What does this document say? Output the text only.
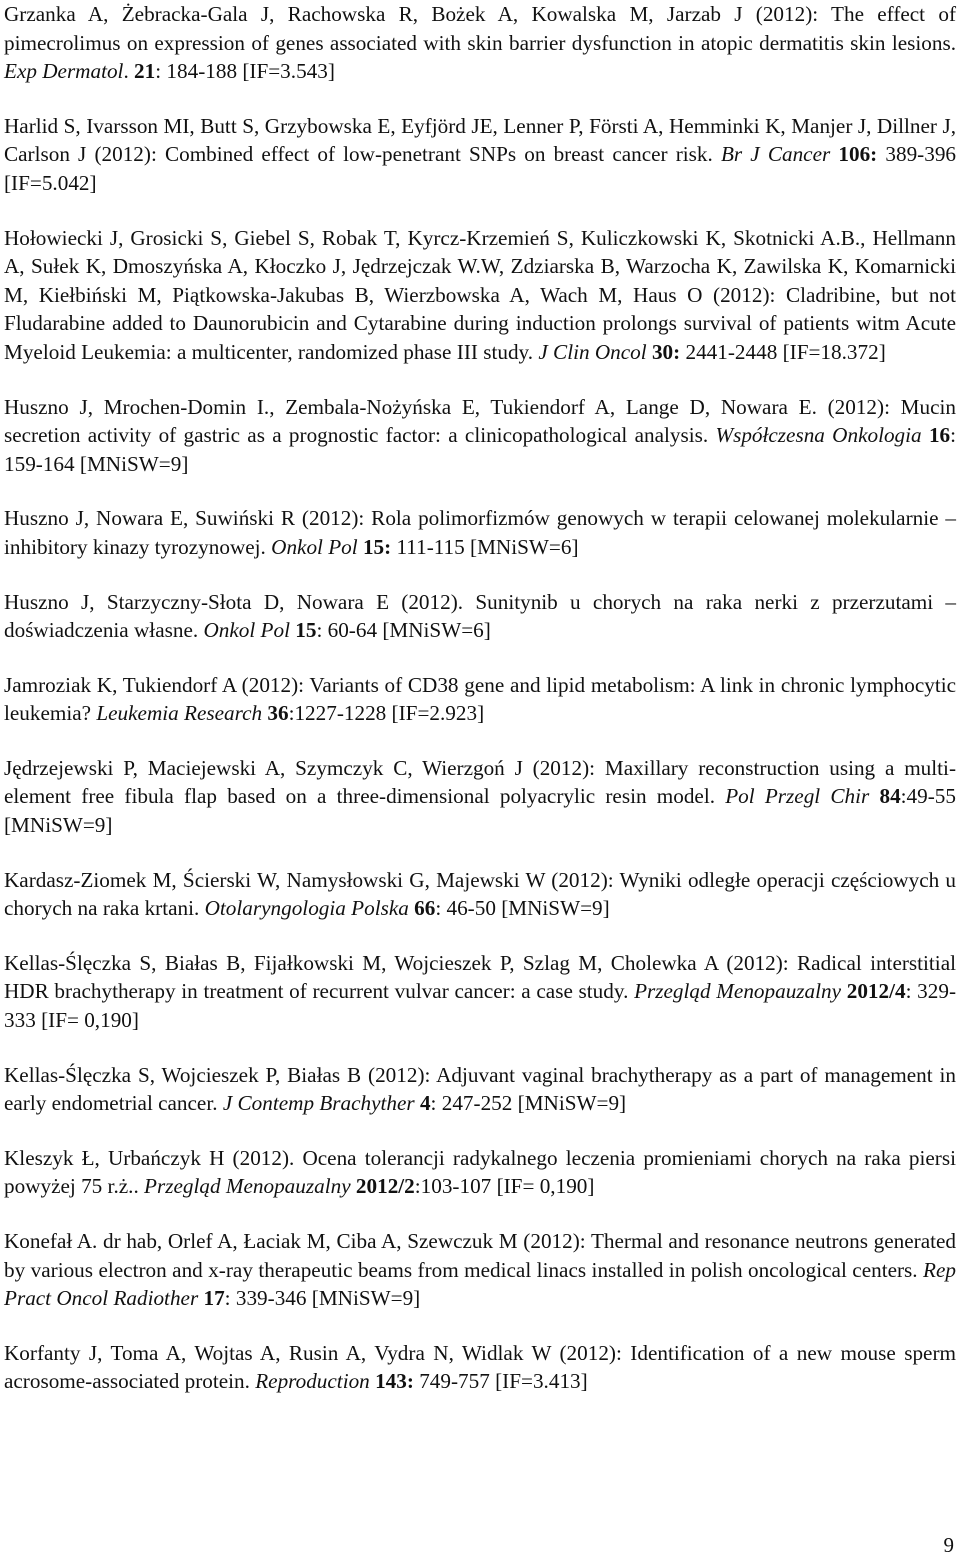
Grzanka A, Żebracka-Gala J, Rachowska R, Bożek A, Kowalska M, Jarzab J (2012): The effect of pimecrolimus on expression of genes associated with skin barrier dysfunction in atopic dermatitis skin lesions. Exp Dermatol. 21: 184-188 [IF=3.543]

Harlid S, Ivarsson MI, Butt S, Grzybowska E, Eyfjörd JE, Lenner P, Försti A, Hemminki K, Manjer J, Dillner J, Carlson J (2012): Combined effect of low-penetrant SNPs on breast cancer risk. Br J Cancer 106: 389-396 [IF=5.042]

Hołowiecki J, Grosicki S, Giebel S, Robak T, Kyrcz-Krzemień S, Kuliczkowski K, Skotnicki A.B., Hellmann A, Sułek K, Dmoszyńska A, Kłoczko J, Jędrzejczak W.W, Zdziarska B, Warzocha K, Zawilska K, Komarnicki M, Kiełbiński M, Piątkowska-Jakubas B, Wierzbowska A, Wach M, Haus O (2012): Cladribine, but not Fludarabine added to Daunorubicin and Cytarabine during induction prolongs survival of patients witm Acute Myeloid Leukemia: a multicenter, randomized phase III study. J Clin Oncol 30: 2441-2448 [IF=18.372]

Huszno J, Mrochen-Domin I., Zembala-Nożyńska E, Tukiendorf A, Lange D, Nowara E. (2012): Mucin secretion activity of gastric as a prognostic factor: a clinicopathological analysis. Współczesna Onkologia 16: 159-164 [MNiSW=9]

Huszno J, Nowara E, Suwiński R (2012): Rola polimorfizmów genowych w terapii celowanej molekularnie – inhibitory kinazy tyrozynowej. Onkol Pol 15: 111-115 [MNiSW=6]

Huszno J, Starzyczny-Słota D, Nowara E (2012). Sunitynib u chorych na raka nerki z przerzutami – doświadczenia własne. Onkol Pol 15: 60-64 [MNiSW=6]

Jamroziak K, Tukiendorf A (2012): Variants of CD38 gene and lipid metabolism: A link in chronic lymphocytic leukemia? Leukemia Research 36:1227-1228 [IF=2.923]

Jędrzejewski P, Maciejewski A, Szymczyk C, Wierzgoń J (2012): Maxillary reconstruction using a multi-element free fibula flap based on a three-dimensional polyacrylic resin model. Pol Przegl Chir 84:49-55 [MNiSW=9]

Kardasz-Ziomek M, Ścierski W, Namysłowski G, Majewski W (2012): Wyniki odległe operacji częściowych u chorych na raka krtani. Otolaryngologia Polska 66: 46-50 [MNiSW=9]

Kellas-Ślęczka S, Białas B, Fijałkowski M, Wojcieszek P, Szlag M, Cholewka A (2012): Radical interstitial HDR brachytherapy in treatment of recurrent vulvar cancer: a case study. Przegląd Menopauzalny 2012/4: 329-333 [IF= 0,190]

Kellas-Ślęczka S, Wojcieszek P, Białas B (2012): Adjuvant vaginal brachytherapy as a part of management in early endometrial cancer. J Contemp Brachyther 4: 247-252 [MNiSW=9]

Kleszyk Ł, Urbańczyk H (2012). Ocena tolerancji radykalnego leczenia promieniami chorych na raka piersi powyżej 75 r.ż.. Przegląd Menopauzalny 2012/2:103-107 [IF= 0,190]

Konefał A. dr hab, Orlef A, Łaciak M, Ciba A, Szewczuk M (2012): Thermal and resonance neutrons generated by various electron and x-ray therapeutic beams from medical linacs installed in polish oncological centers. Rep Pract Oncol Radiother 17: 339-346 [MNiSW=9]

Korfanty J, Toma A, Wojtas A, Rusin A, Vydra N, Widlak W (2012): Identification of a new mouse sperm acrosome-associated protein. Reproduction 143: 749-757 [IF=3.413]

9
